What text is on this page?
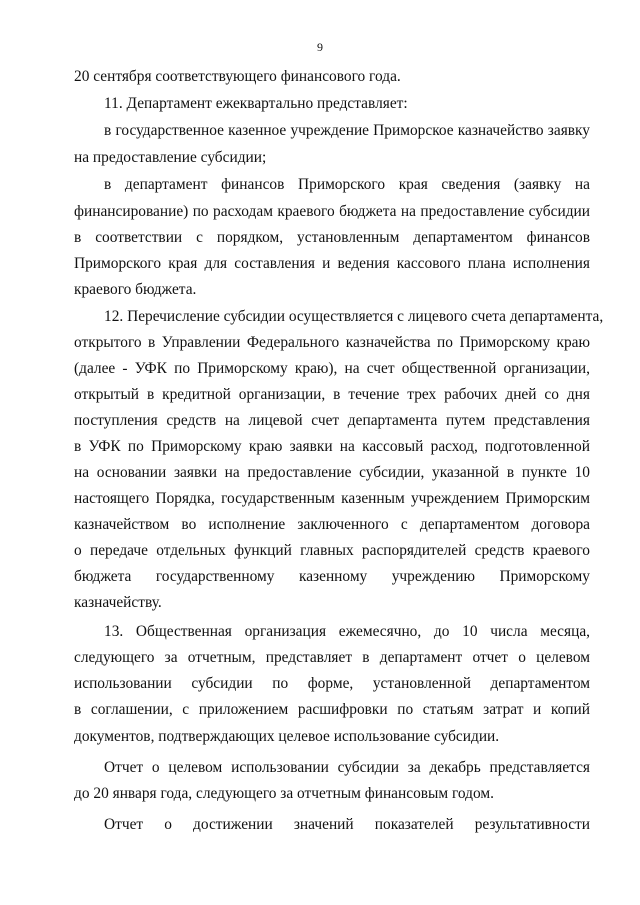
9
20 сентября соответствующего финансового года.
11. Департамент ежеквартально представляет:
в государственное казенное учреждение Приморское казначейство заявку
на предоставление субсидии;
в департамент финансов Приморского края сведения (заявку на
финансирование) по расходам краевого бюджета на предоставление субсидии
в соответствии с порядком, установленным департаментом финансов
Приморского края для составления и ведения кассового плана исполнения
краевого бюджета.
12. Перечисление субсидии осуществляется с лицевого счета департамента,
открытого в Управлении Федерального казначейства по Приморскому краю
(далее - УФК по Приморскому краю), на счет общественной организации,
открытый в кредитной организации, в течение трех рабочих дней со дня
поступления средств на лицевой счет департамента путем представления
в УФК по Приморскому краю заявки на кассовый расход, подготовленной
на основании заявки на предоставление субсидии, указанной в пункте 10
настоящего Порядка, государственным казенным учреждением Приморским
казначейством во исполнение заключенного с департаментом договора
о передаче отдельных функций главных распорядителей средств краевого
бюджета государственному казенному учреждению Приморскому
казначейству.
13. Общественная организация ежемесячно, до 10 числа месяца,
следующего за отчетным, представляет в департамент отчет о целевом
использовании субсидии по форме, установленной департаментом
в соглашении, с приложением расшифровки по статьям затрат и копий
документов, подтверждающих целевое использование субсидии.
Отчет о целевом использовании субсидии за декабрь представляется
до 20 января года, следующего за отчетным финансовым годом.
Отчет о достижении значений показателей результативности
